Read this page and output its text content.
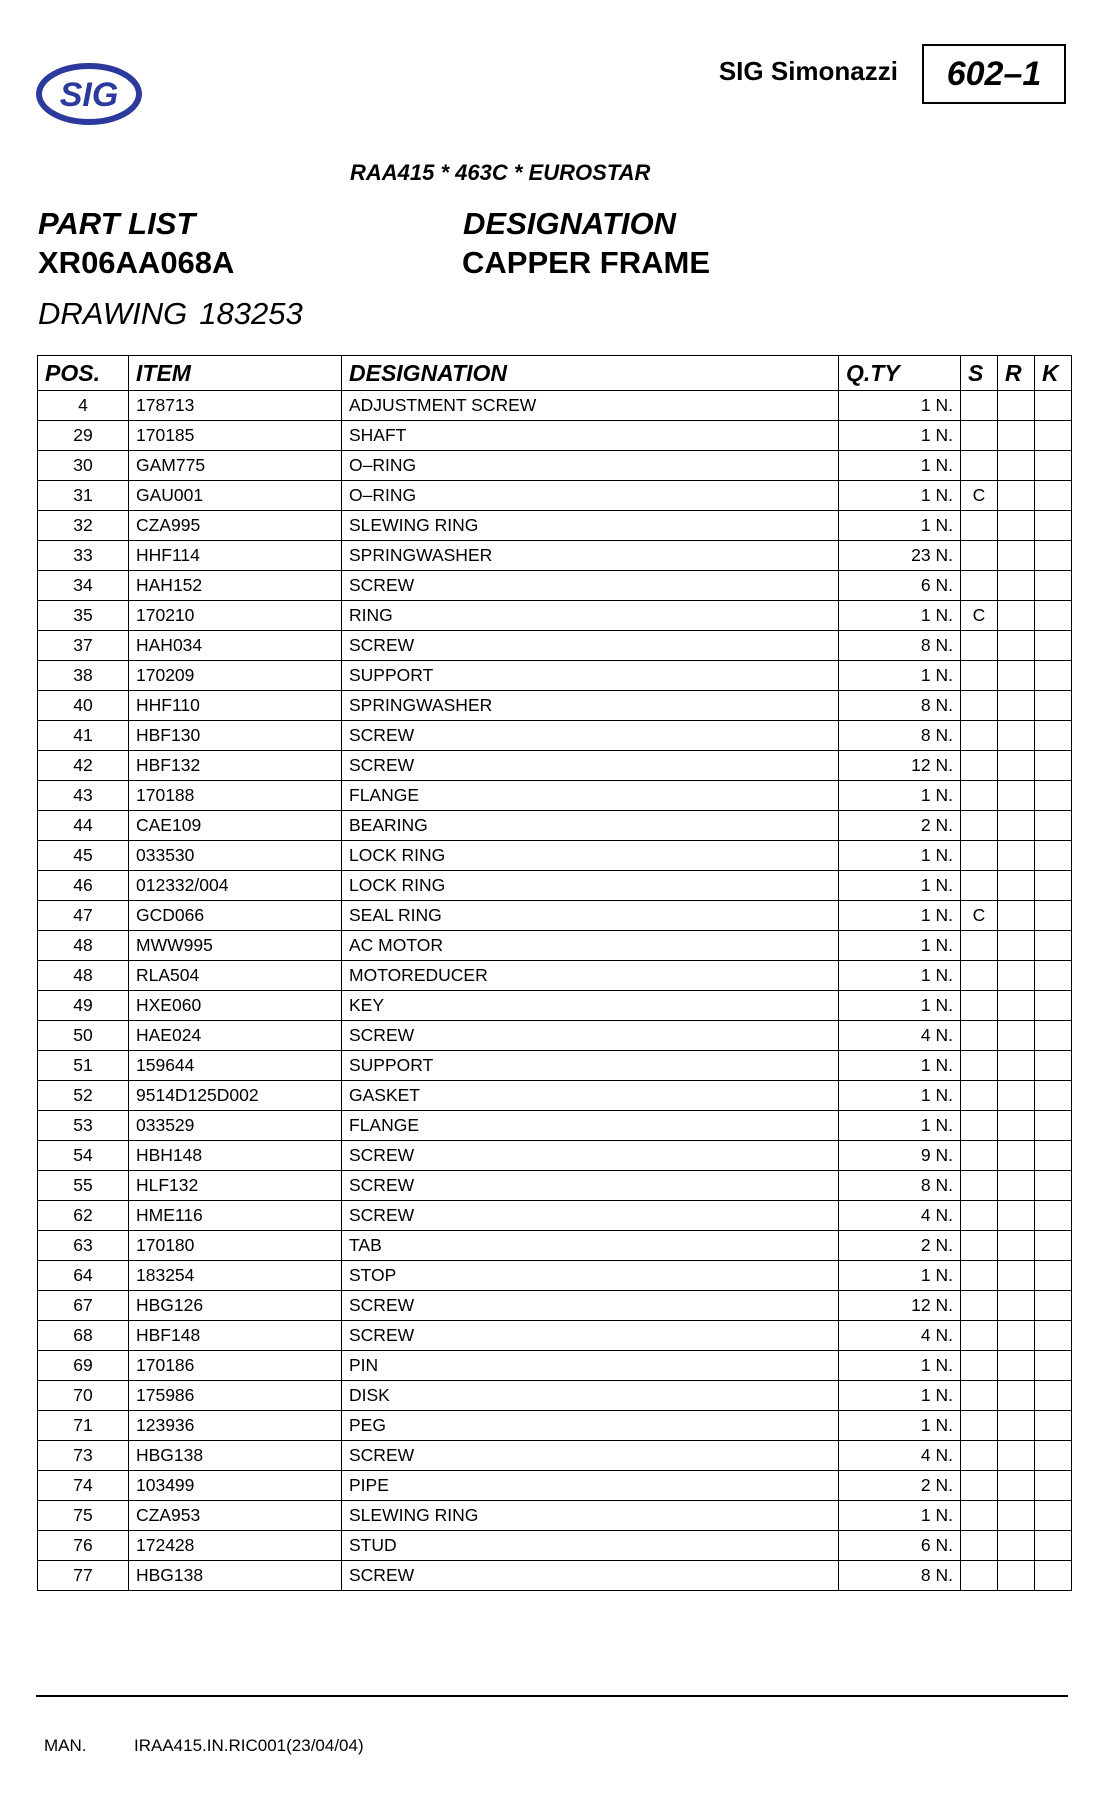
SIG
SIG Simonazzi 602–1
RAA415 * 463C * EUROSTAR
PART LIST
XR06AA068A
DESIGNATION
CAPPER FRAME
DRAWING 183253
POS.	ITEM	DESIGNATION	Q.TY	S	R	K
4	178713	ADJUSTMENT SCREW	1 N.			
29	170185	SHAFT	1 N.			
30	GAM775	O–RING	1 N.			
31	GAU001	O–RING	1 N.	C		
32	CZA995	SLEWING RING	1 N.			
33	HHF114	SPRINGWASHER	23 N.			
34	HAH152	SCREW	6 N.			
35	170210	RING	1 N.	C		
37	HAH034	SCREW	8 N.			
38	170209	SUPPORT	1 N.			
40	HHF110	SPRINGWASHER	8 N.			
41	HBF130	SCREW	8 N.			
42	HBF132	SCREW	12 N.			
43	170188	FLANGE	1 N.			
44	CAE109	BEARING	2 N.			
45	033530	LOCK RING	1 N.			
46	012332/004	LOCK RING	1 N.			
47	GCD066	SEAL RING	1 N.	C		
48	MWW995	AC MOTOR	1 N.			
48	RLA504	MOTOREDUCER	1 N.			
49	HXE060	KEY	1 N.			
50	HAE024	SCREW	4 N.			
51	159644	SUPPORT	1 N.			
52	9514D125D002	GASKET	1 N.			
53	033529	FLANGE	1 N.			
54	HBH148	SCREW	9 N.			
55	HLF132	SCREW	8 N.			
62	HME116	SCREW	4 N.			
63	170180	TAB	2 N.			
64	183254	STOP	1 N.			
67	HBG126	SCREW	12 N.			
68	HBF148	SCREW	4 N.			
69	170186	PIN	1 N.			
70	175986	DISK	1 N.			
71	123936	PEG	1 N.			
73	HBG138	SCREW	4 N.			
74	103499	PIPE	2 N.			
75	CZA953	SLEWING RING	1 N.			
76	172428	STUD	6 N.			
77	HBG138	SCREW	8 N.			
MAN.	IRAA415.IN.RIC001(23/04/04)
